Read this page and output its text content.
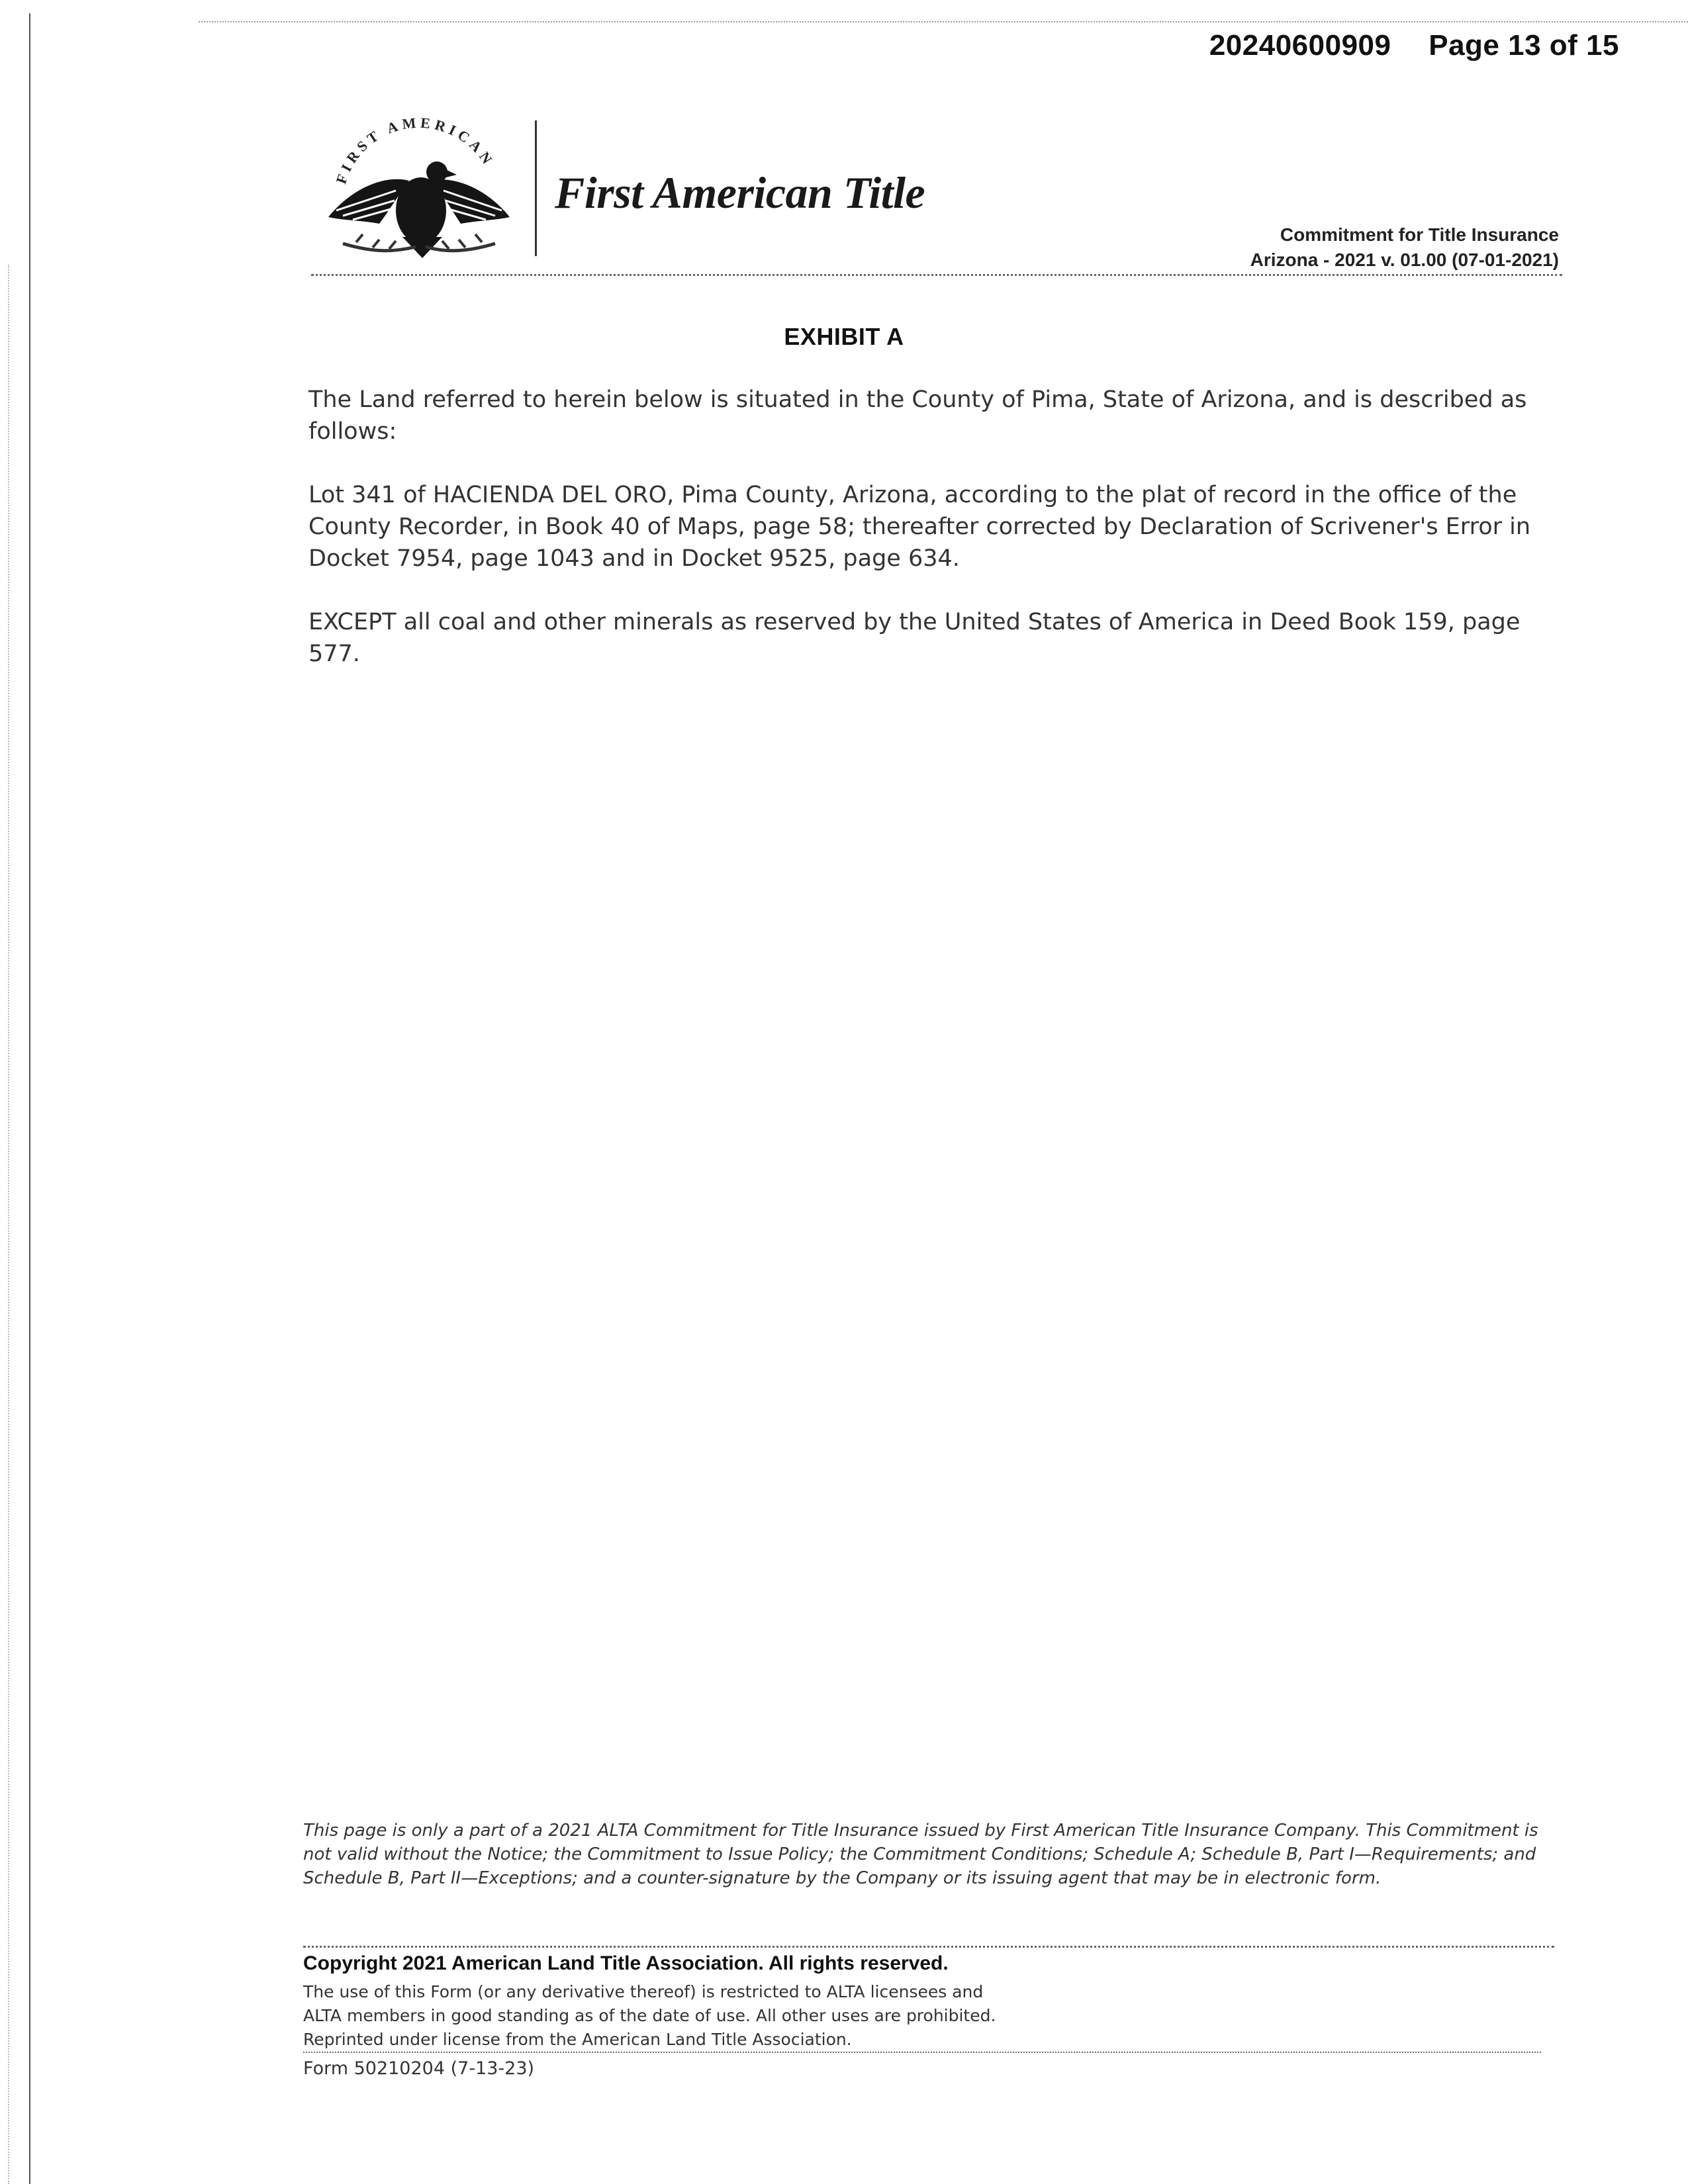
20240600909 Page 13 of 15
FIRST AMERICAN
First American Title
Commitment for Title Insurance
Arizona - 2021 v. 01.00 (07-01-2021)
EXHIBIT A
The Land referred to herein below is situated in the County of Pima, State of Arizona, and is described as follows:
Lot 341 of HACIENDA DEL ORO, Pima County, Arizona, according to the plat of record in the office of the County Recorder, in Book 40 of Maps, page 58; thereafter corrected by Declaration of Scrivener's Error in Docket 7954, page 1043 and in Docket 9525, page 634.
EXCEPT all coal and other minerals as reserved by the United States of America in Deed Book 159, page 577.
This page is only a part of a 2021 ALTA Commitment for Title Insurance issued by First American Title Insurance Company. This Commitment is not valid without the Notice; the Commitment to Issue Policy; the Commitment Conditions; Schedule A; Schedule B, Part I—Requirements; and Schedule B, Part II—Exceptions; and a counter-signature by the Company or its issuing agent that may be in electronic form.
Copyright 2021 American Land Title Association. All rights reserved.
The use of this Form (or any derivative thereof) is restricted to ALTA licensees and
ALTA members in good standing as of the date of use. All other uses are prohibited.
Reprinted under license from the American Land Title Association.
Form 50210204 (7-13-23)
